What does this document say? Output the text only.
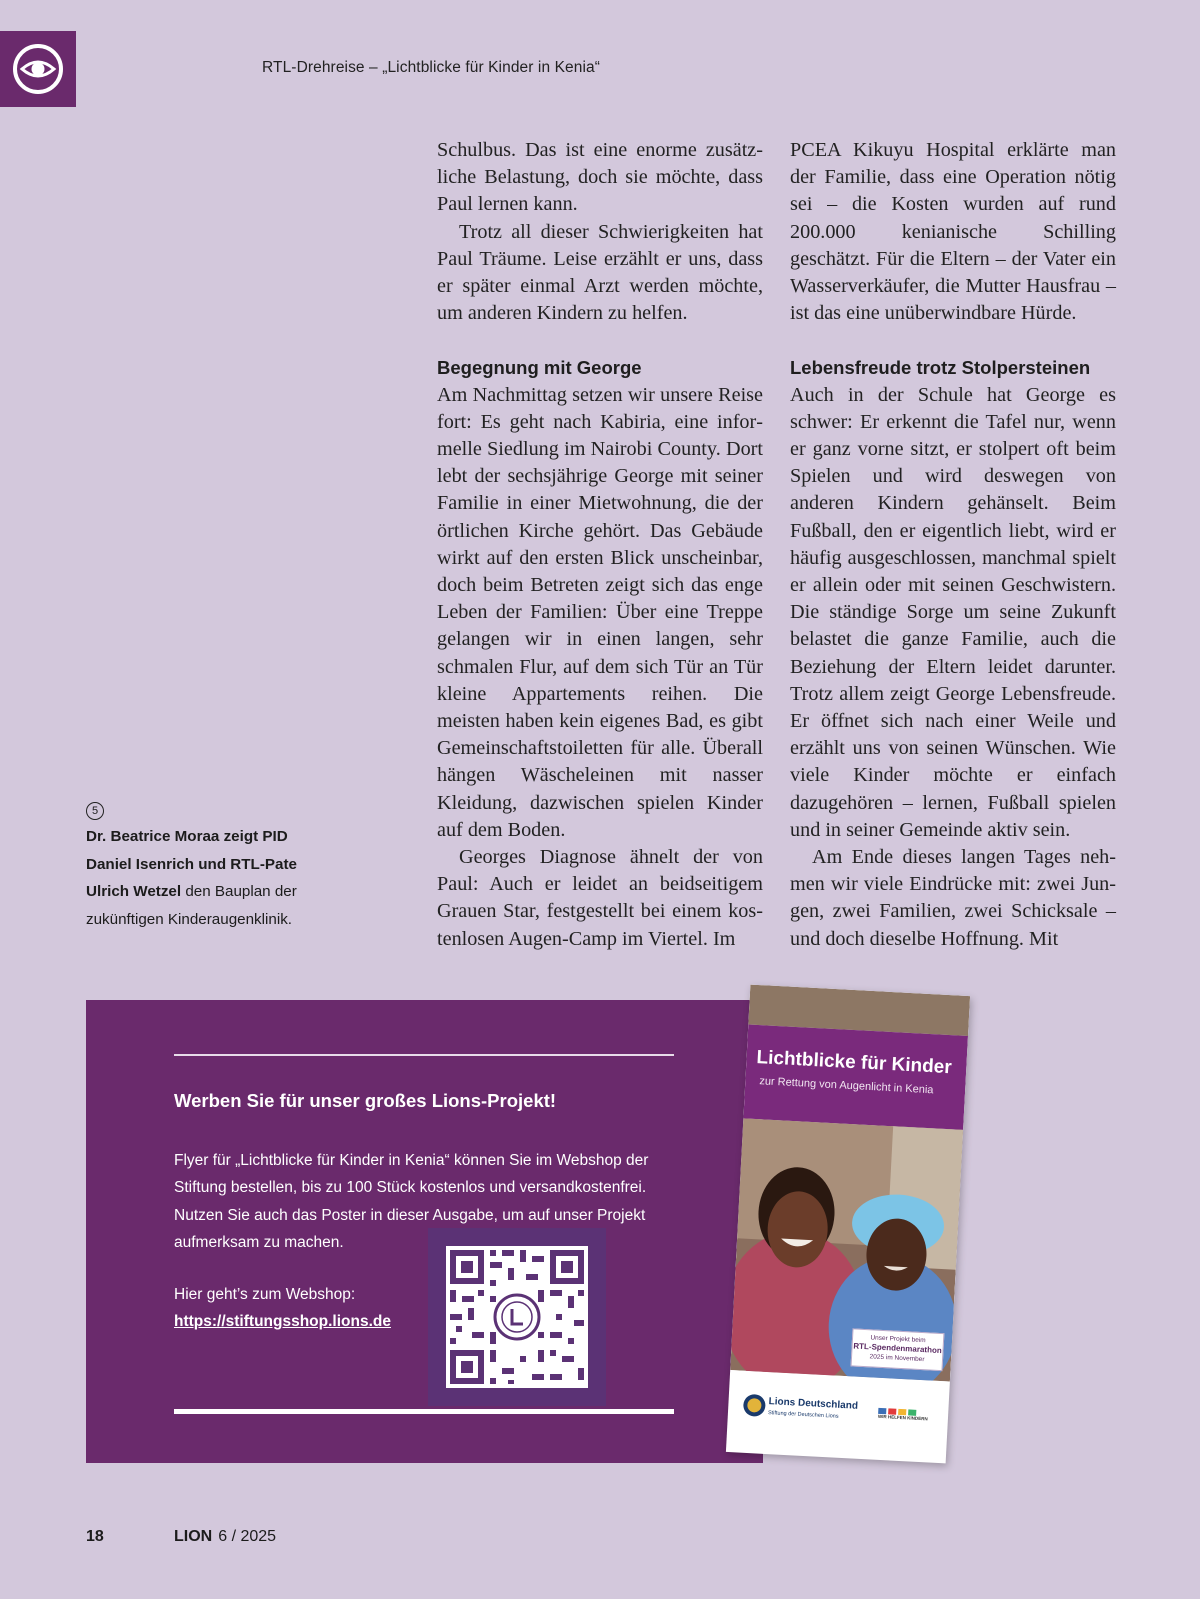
RTL-Drehreise – „Lichtblicke für Kinder in Kenia“

Schulbus. Das ist eine enorme zusätzliche Belastung, doch sie möchte, dass Paul lernen kann.

Trotz all dieser Schwierigkeiten hat Paul Träume. Leise erzählt er uns, dass er später einmal Arzt werden möchte, um anderen Kindern zu helfen.

Begegnung mit George

Am Nachmittag setzen wir unsere Reise fort: Es geht nach Kabiria, eine informelle Siedlung im Nairobi County. Dort lebt der sechsjährige George mit seiner Familie in einer Mietwohnung, die der örtlichen Kirche gehört. Das Gebäude wirkt auf den ersten Blick unscheinbar, doch beim Betreten zeigt sich das enge Leben der Familien: Über eine Treppe gelangen wir in einen langen, sehr schmalen Flur, auf dem sich Tür an Tür kleine Appartements reihen. Die meisten haben kein eigenes Bad, es gibt Gemeinschaftstoiletten für alle. Überall hängen Wäscheleinen mit nasser Kleidung, dazwischen spielen Kinder auf dem Boden.

Georges Diagnose ähnelt der von Paul: Auch er leidet an beidseitigem Grauen Star, festgestellt bei einem kostenlosen Augen-Camp im Viertel. Im

PCEA Kikuyu Hospital erklärte man der Familie, dass eine Operation nötig sei – die Kosten wurden auf rund 200.000 kenianische Schilling geschätzt. Für die Eltern – der Vater ein Wasserverkäufer, die Mutter Hausfrau – ist das eine unüberwindbare Hürde.

Lebensfreude trotz Stolpersteinen

Auch in der Schule hat George es schwer: Er erkennt die Tafel nur, wenn er ganz vorne sitzt, er stolpert oft beim Spielen und wird deswegen von anderen Kindern gehänselt. Beim Fußball, den er eigentlich liebt, wird er häufig ausgeschlossen, manchmal spielt er allein oder mit seinen Geschwistern. Die ständige Sorge um seine Zukunft belastet die ganze Familie, auch die Beziehung der Eltern leidet darunter. Trotz allem zeigt George Lebensfreude. Er öffnet sich nach einer Weile und erzählt uns von seinen Wünschen. Wie viele Kinder möchte er einfach dazugehören – lernen, Fußball spielen und in seiner Gemeinde aktiv sein.

Am Ende dieses langen Tages nehmen wir viele Eindrücke mit: zwei Jungen, zwei Familien, zwei Schicksale – und doch dieselbe Hoffnung. Mit

5
Dr. Beatrice Moraa zeigt PID Daniel Isenrich und RTL-Pate Ulrich Wetzel den Bauplan der zukünftigen Kinderaugenklinik.
Werben Sie für unser großes Lions-Projekt!
Flyer für „Lichtblicke für Kinder in Kenia“ können Sie im Webshop der Stiftung bestellen, bis zu 100 Stück kostenlos und versandkostenfrei. Nutzen Sie auch das Poster in dieser Ausgabe, um auf unser Projekt aufmerksam zu machen.
Hier geht’s zum Webshop:
https://stiftungsshop.lions.de
Lichtblicke für Kinder
zur Rettung von Augenlicht in Kenia
Unser Projekt beim
RTL-Spendenmarathon
2025 im November
Lions Deutschland
Stiftung der Deutschen Lions	WIR HELFEN KINDERN
18	LION 6 / 2025
